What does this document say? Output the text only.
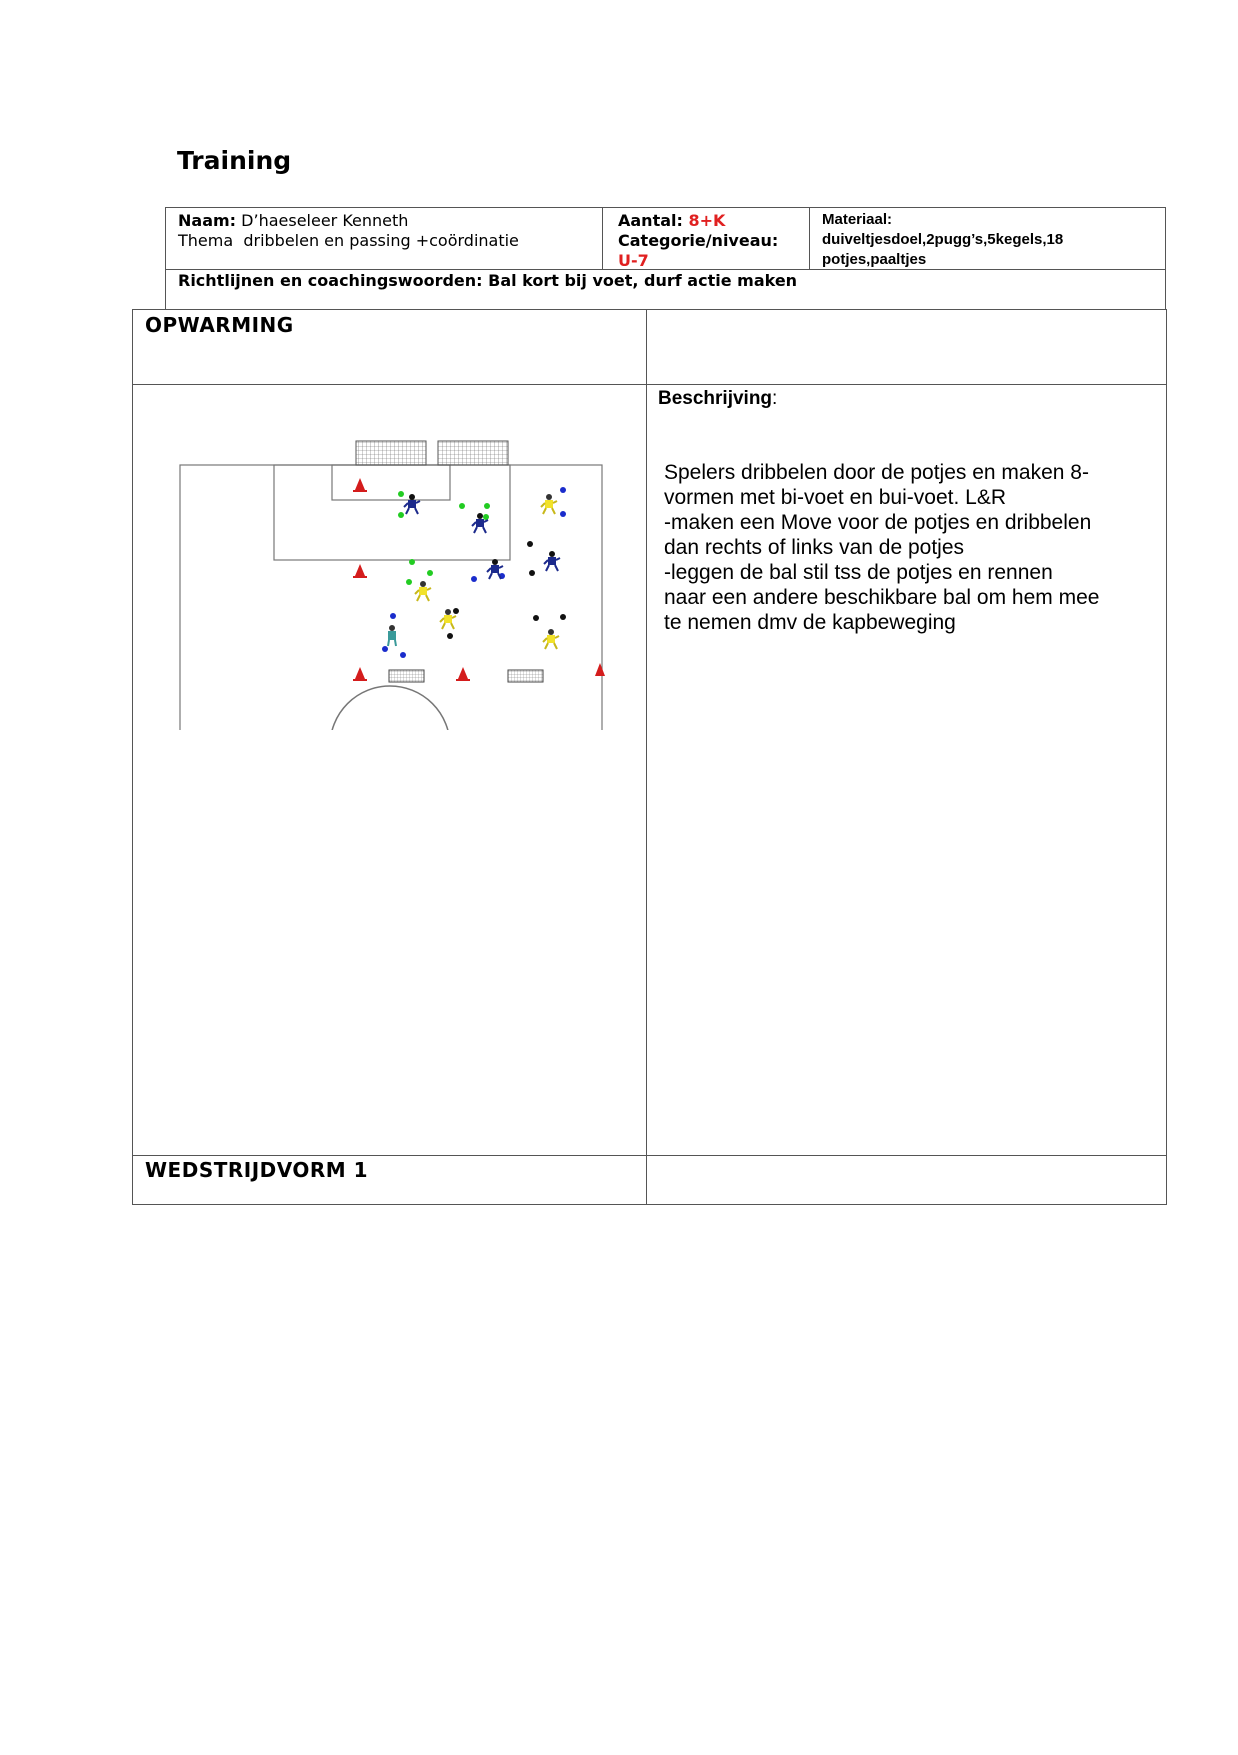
Training
Naam: D’haeseleer Kenneth
Thema dribbelen en passing +coördinatie
Aantal: 8+K
Categorie/niveau:
U-7
Materiaal:
duiveltjesdoel,2pugg’s,5kegels,18
potjes,paaltjes
Richtlijnen en coachingswoorden: Bal kort bij voet, durf actie maken
OPWARMING
Beschrijving:
Spelers dribbelen door de potjes en maken 8-
vormen met bi-voet en bui-voet. L&R
-maken een Move voor de potjes en dribbelen
dan rechts of links van de potjes
-leggen de bal stil tss de potjes en rennen
naar een andere beschikbare bal om hem mee
te nemen dmv de kapbeweging
WEDSTRIJDVORM 1
